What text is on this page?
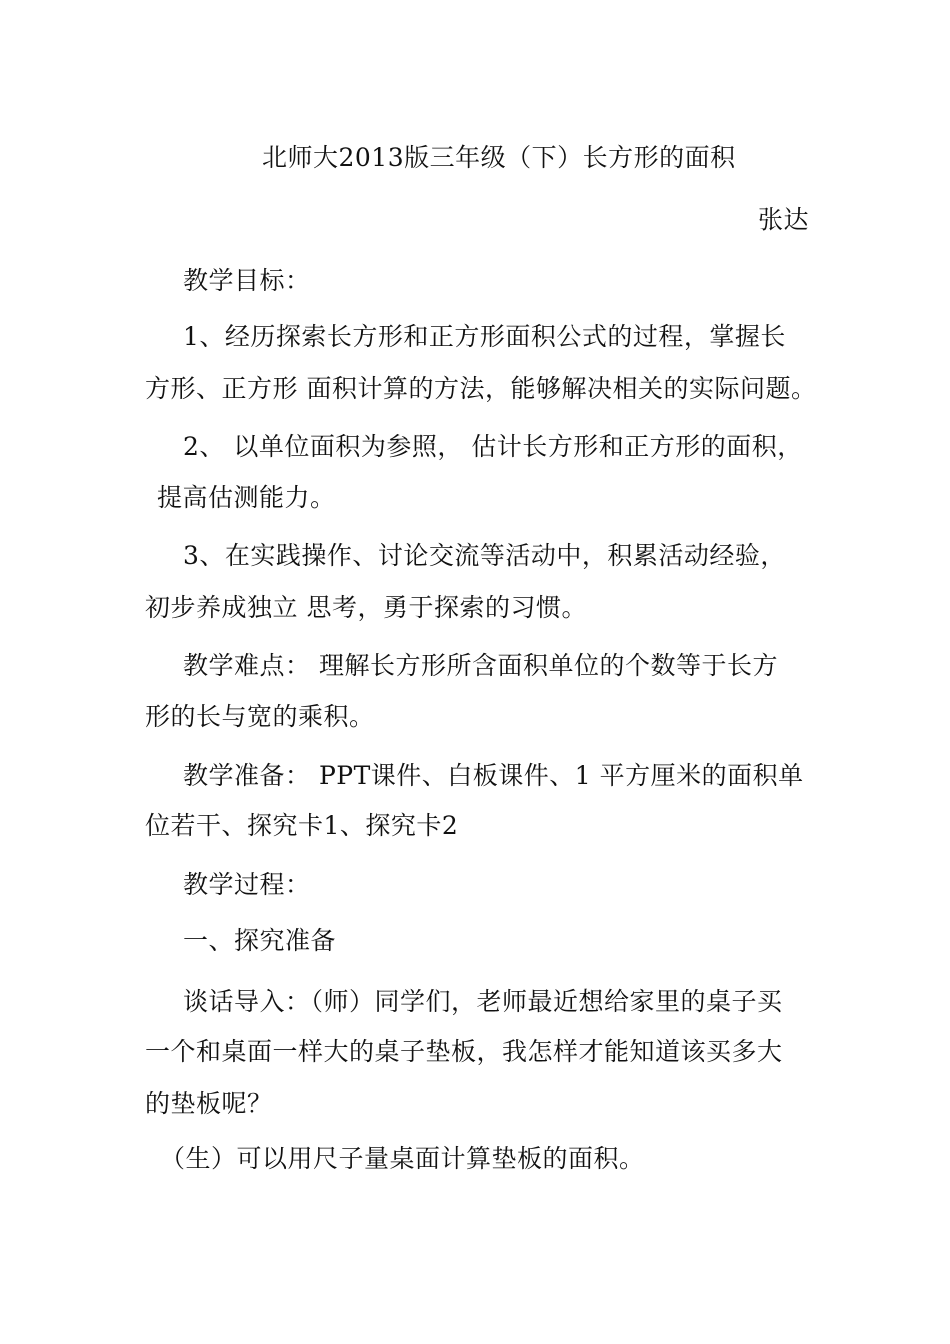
北师大2013版三年级（下）长方形的面积
张达
教学目标：
1、经历探索长方形和正方形面积公式的过程，掌握长
方形、正方形 面积计算的方法，能够解决相关的实际问题。
2、 以单位面积为参照， 估计长方形和正方形的面积，
提高估测能力。
3、在实践操作、讨论交流等活动中，积累活动经验，
初步养成独立 思考，勇于探索的习惯。
教学难点： 理解长方形所含面积单位的个数等于长方
形的长与宽的乘积。
教学准备： PPT课件、白板课件、1 平方厘米的面积单
位若干、探究卡1、探究卡2
教学过程：
一、探究准备
谈话导入：（师）同学们，老师最近想给家里的桌子买
一个和桌面一样大的桌子垫板，我怎样才能知道该买多大
的垫板呢？
（生）可以用尺子量桌面计算垫板的面积。
